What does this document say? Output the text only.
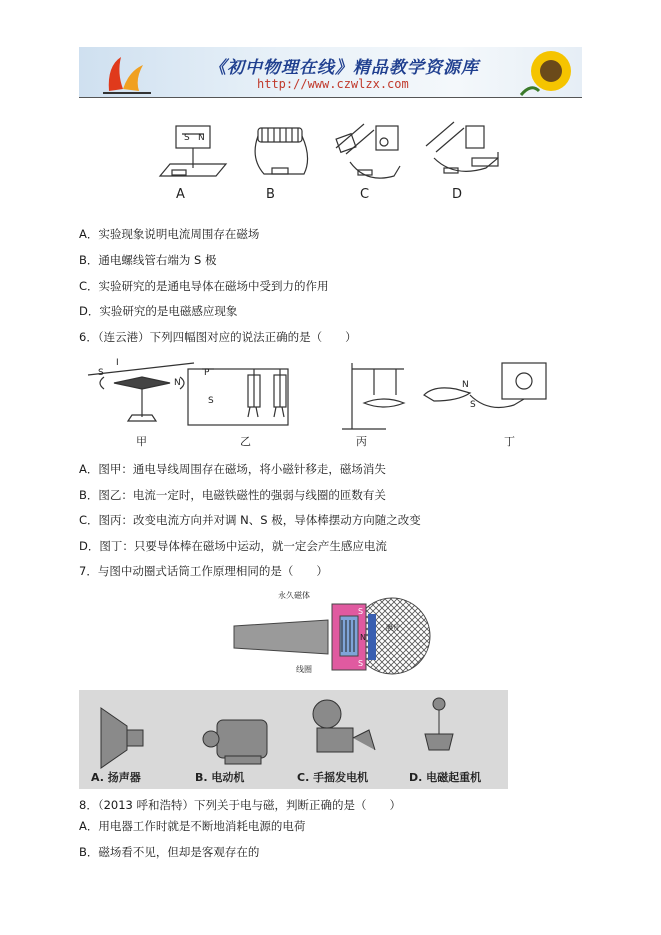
《初中物理在线》精品教学资源库
http://www.czwlzx.com
S N
A	B	C	D
A．实验现象说明电流周围存在磁场
B．通电螺线管右端为 S 极
C．实验研究的是通电导体在磁场中受到力的作用
D．实验研究的是电磁感应现象
6．（连云港）下列四幅图对应的说法正确的是（　　）
S
I
N
P
S
N
S
甲	乙	丙	丁
A．图甲：通电导线周围存在磁场，将小磁针移走，磁场消失
B．图乙：电流一定时，电磁铁磁性的强弱与线圈的匝数有关
C．图丙：改变电流方向并对调 N、S 极，导体棒摆动方向随之改变
D．图丁：只要导体棒在磁场中运动，就一定会产生感应电流
7．与图中动圈式话筒工作原理相同的是（　　）
S
S
N
永久磁体
膜片
线圈
A. 扬声器	B. 电动机	C. 手摇发电机	D. 电磁起重机
8．（2013 呼和浩特）下列关于电与磁，判断正确的是（　　）
A．用电器工作时就是不断地消耗电源的电荷
B．磁场看不见，但却是客观存在的
